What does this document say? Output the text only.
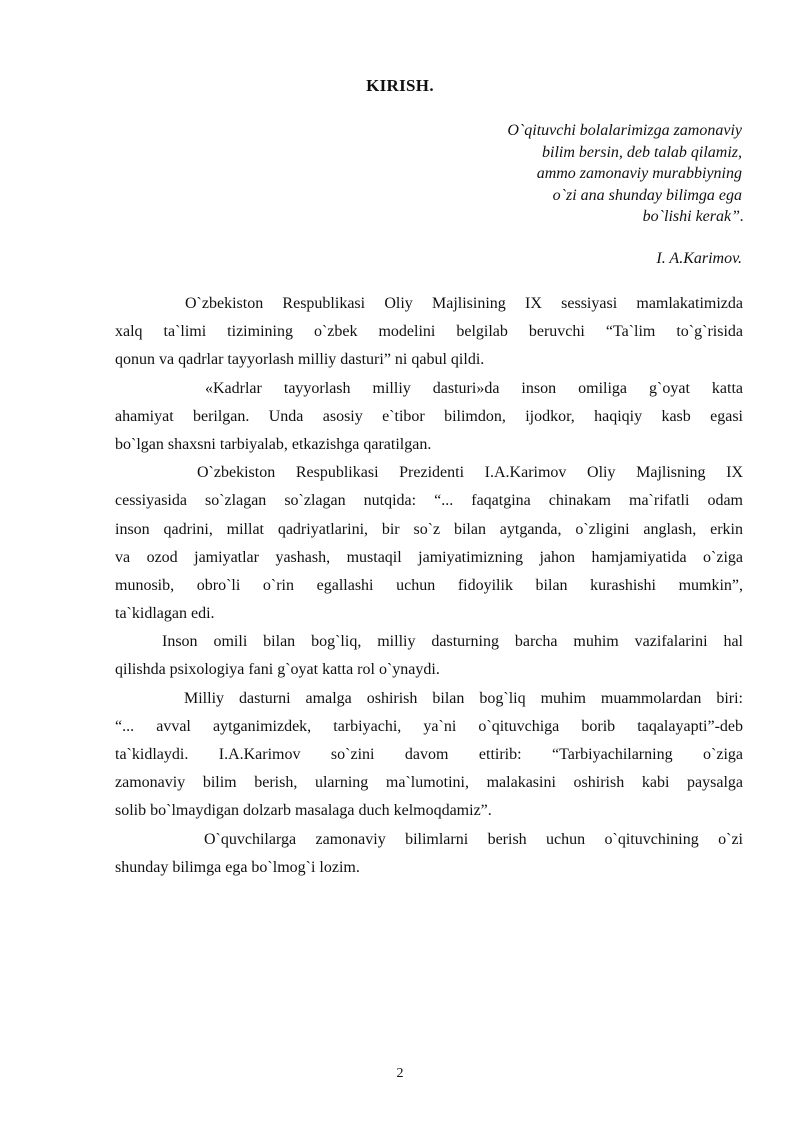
KIRISH.
O`qituvchi bolalarimizga zamonaviy
bilim bersin, deb talab qilamiz,
ammo zamonaviy murabbiyning
o`zi ana shunday bilimga ega
bo`lishi kerak”.
I. A.Karimov.
O`zbekiston Respublikasi Oliy Majlisining IX sessiyasi mamlakatimizda
xalq ta`limi tizimining o`zbek modelini belgilab beruvchi “Ta`lim to`g`risida
qonun va qadrlar tayyorlash milliy dasturi” ni qabul qildi.
«Kadrlar tayyorlash milliy dasturi»da inson omiliga g`oyat katta
ahamiyat berilgan. Unda asosiy e`tibor bilimdon, ijodkor, haqiqiy kasb egasi
bo`lgan shaxsni tarbiyalab, etkazishga qaratilgan.
O`zbekiston Respublikasi Prezidenti I.A.Karimov Oliy Majlisning IX
cessiyasida so`zlagan so`zlagan nutqida: “... faqatgina chinakam ma`rifatli odam
inson qadrini, millat qadriyatlarini, bir so`z bilan aytganda, o`zligini anglash, erkin
va ozod jamiyatlar yashash, mustaqil jamiyatimizning jahon hamjamiyatida o`ziga
munosib, obro`li o`rin egallashi uchun fidoyilik bilan kurashishi mumkin”,
ta`kidlagan edi.
Inson omili bilan bog`liq, milliy dasturning barcha muhim vazifalarini hal
qilishda psixologiya fani g`oyat katta rol o`ynaydi.
Milliy dasturni amalga oshirish bilan bog`liq muhim muammolardan biri:
“... avval aytganimizdek, tarbiyachi, ya`ni o`qituvchiga borib taqalayapti”-deb
ta`kidlaydi. I.A.Karimov so`zini davom ettirib: “Tarbiyachilarning o`ziga
zamonaviy bilim berish, ularning ma`lumotini, malakasini oshirish kabi paysalga
solib bo`lmaydigan dolzarb masalaga duch kelmoqdamiz”.
O`quvchilarga zamonaviy bilimlarni berish uchun o`qituvchining o`zi
shunday bilimga ega bo`lmog`i lozim.
2
